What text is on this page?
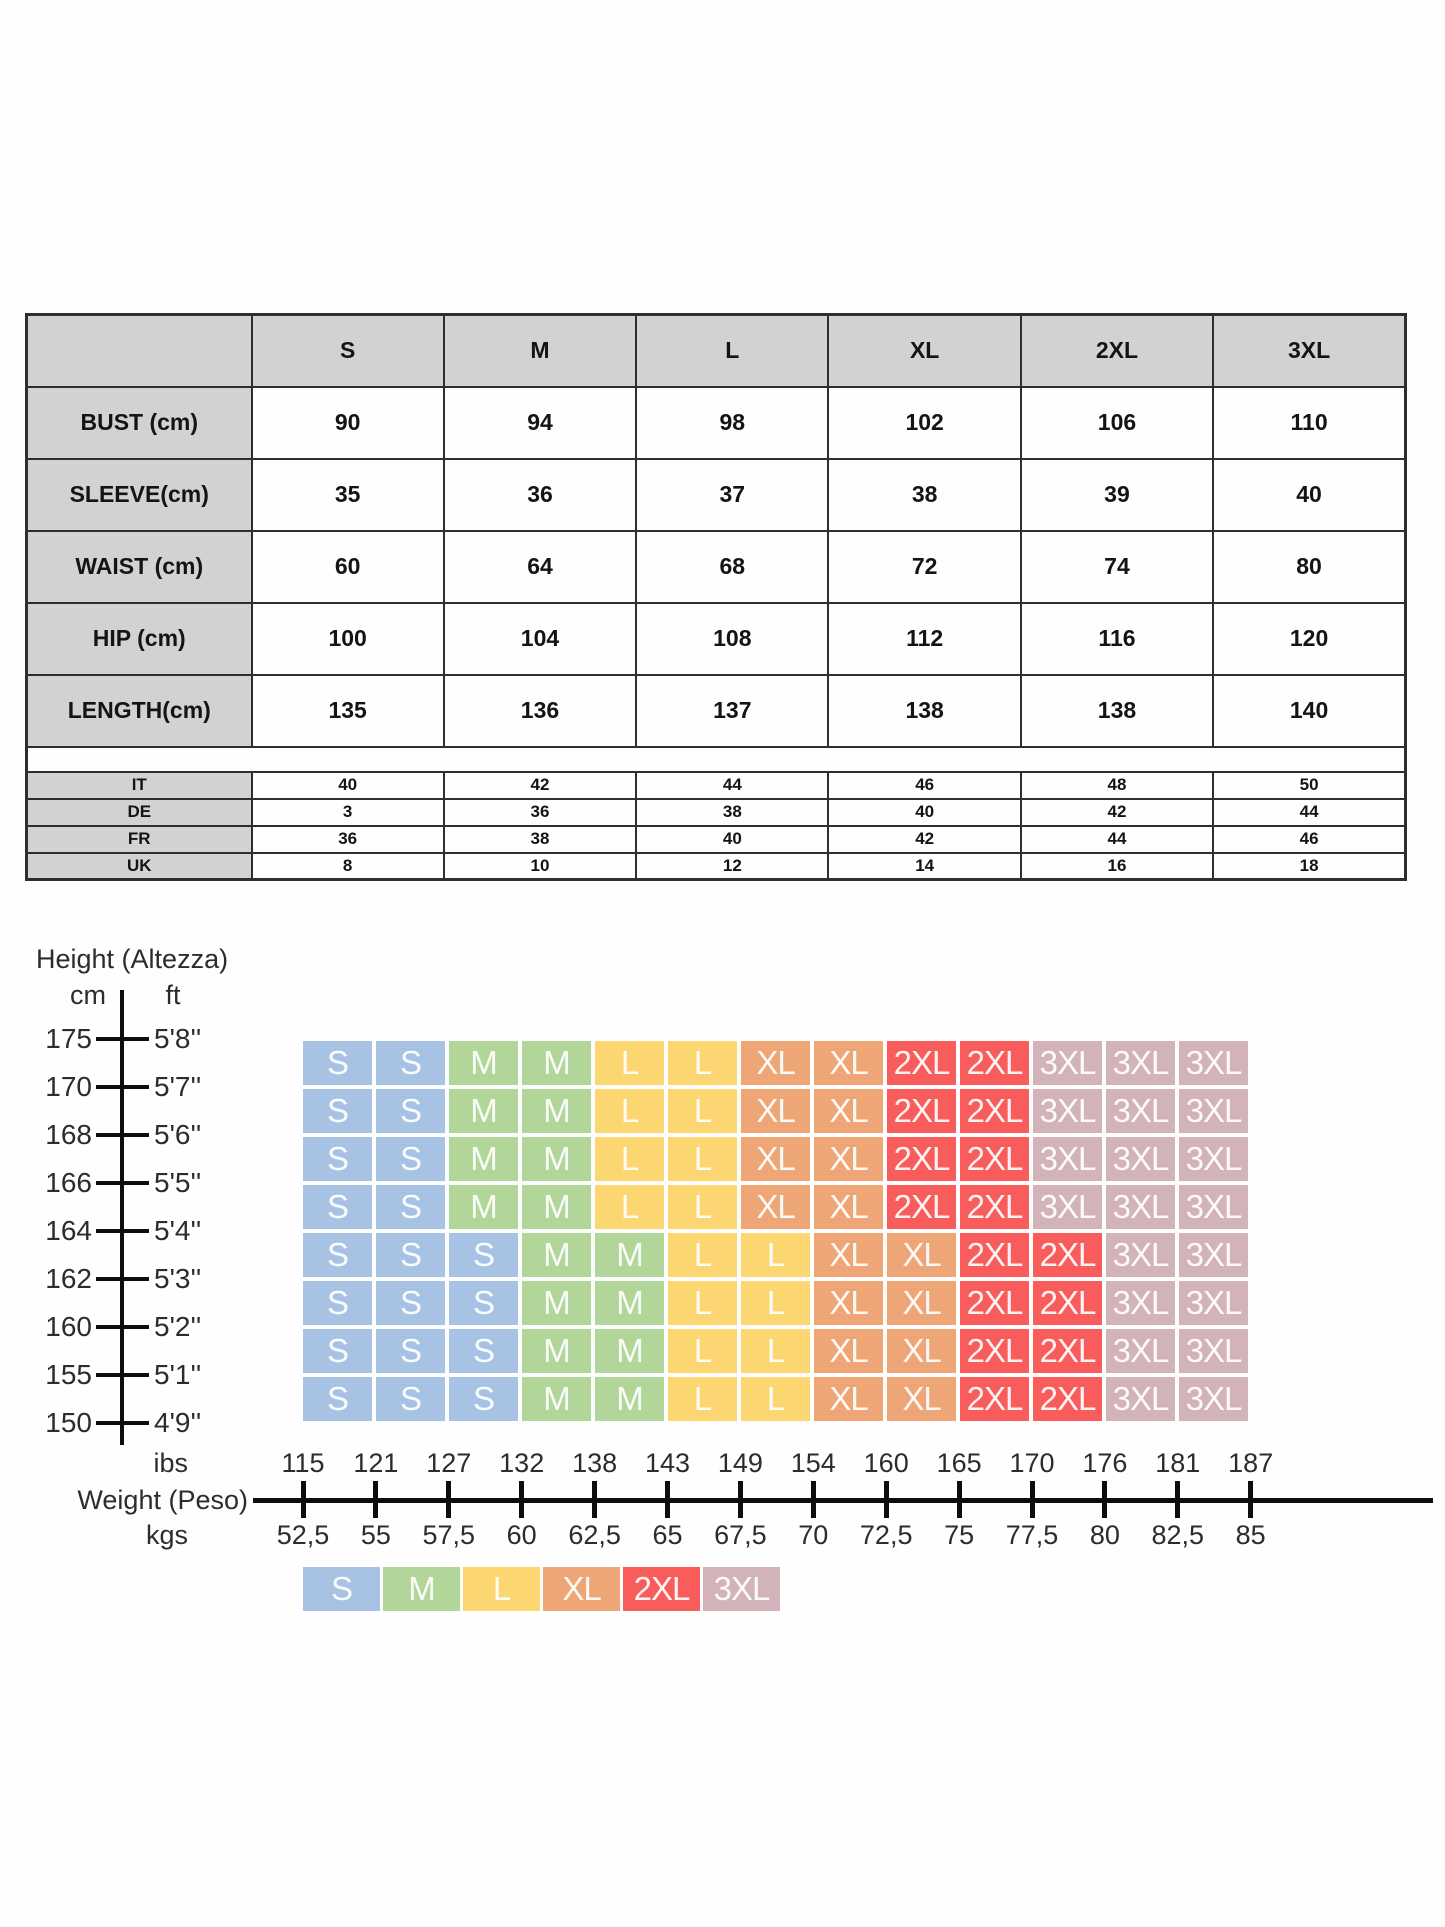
	S	M	L	XL	2XL	3XL
BUST (cm)	90	94	98	102	106	110
SLEEVE(cm)	35	36	37	38	39	40
WAIST (cm)	60	64	68	72	74	80
HIP (cm)	100	104	108	112	116	120
LENGTH(cm)	135	136	137	138	138	140

IT	40	42	44	46	48	50
DE	3	36	38	40	42	44
FR	36	38	40	42	44	46
UK	8	10	12	14	16	18
Height (Altezza)
cm	ft
S	S	M	M	L	L	XL	XL 2XL 2XL 3XL 3XL 3XL
S	S	M	M	L	L	XL	XL 2XL 2XL 3XL 3XL 3XL
S	S	M	M	L	L	XL	XL 2XL 2XL 3XL 3XL 3XL
S	S	M	M	L	L	XL	XL 2XL 2XL 3XL 3XL 3XL
S	S	S	M	M	L	L	XL	XL 2XL 2XL 3XL 3XL
S	S	S	M	M	L	L	XL	XL 2XL 2XL 3XL 3XL
S	S	S	M	M	L	L	XL	XL 2XL 2XL 3XL 3XL
S	S	S	M	M	L	L	XL	XL 2XL 2XL 3XL 3XL
ibs
Weight (Peso)
kgs
175 5'8''
170 5'7''
168 5'6''
166 5'5''
164 5'4''
162 5'3''
160 5'2''
155 5'1''
150 4'9''
115
52,5
121
55
127
57,5
132
60
138
62,5
143
65
149
67,5
154
70
160
72,5
165
75
170
77,5
176
80
181
82,5
187
85
S	M	L	XL 2XL 3XL
